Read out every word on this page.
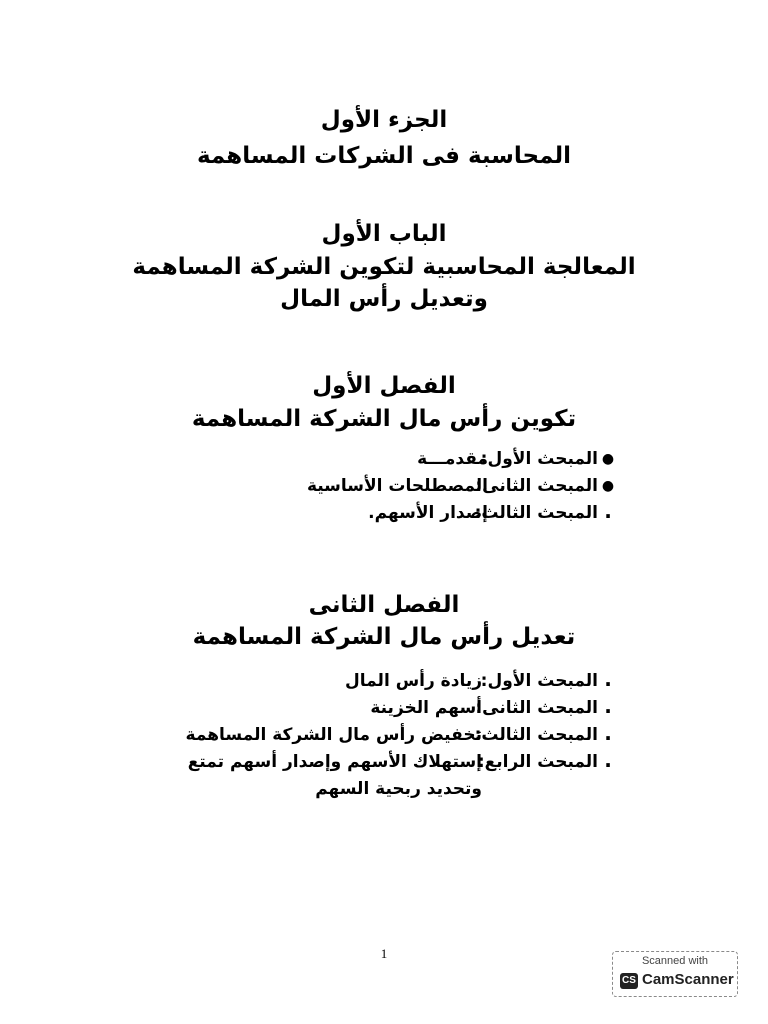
الجزء الأول
المحاسبة فى الشركات المساهمة
الباب الأول
المعالجة المحاسبية لتكوين الشركة المساهمة
وتعديل رأس المال
الفصل الأول
تكوين رأس مال الشركة المساهمة
●
المبحث الأول:
مقدمـــة
●
المبحث الثانى:
المصطلحات الأساسية
.
المبحث الثالث:
إصدار الأسهم.
الفصل الثانى
تعديل رأس مال الشركة المساهمة
.
المبحث الأول:
زيادة رأس المال
.
المبحث الثانى:
أسهم الخزينة
.
المبحث الثالث:
تخفيض رأس مال الشركة المساهمة
.
المبحث الرابع:
إستهلاك الأسهم وإصدار أسهم تمتع وتحديد ربحية السهم
1	Scanned with
CS CamScanner
